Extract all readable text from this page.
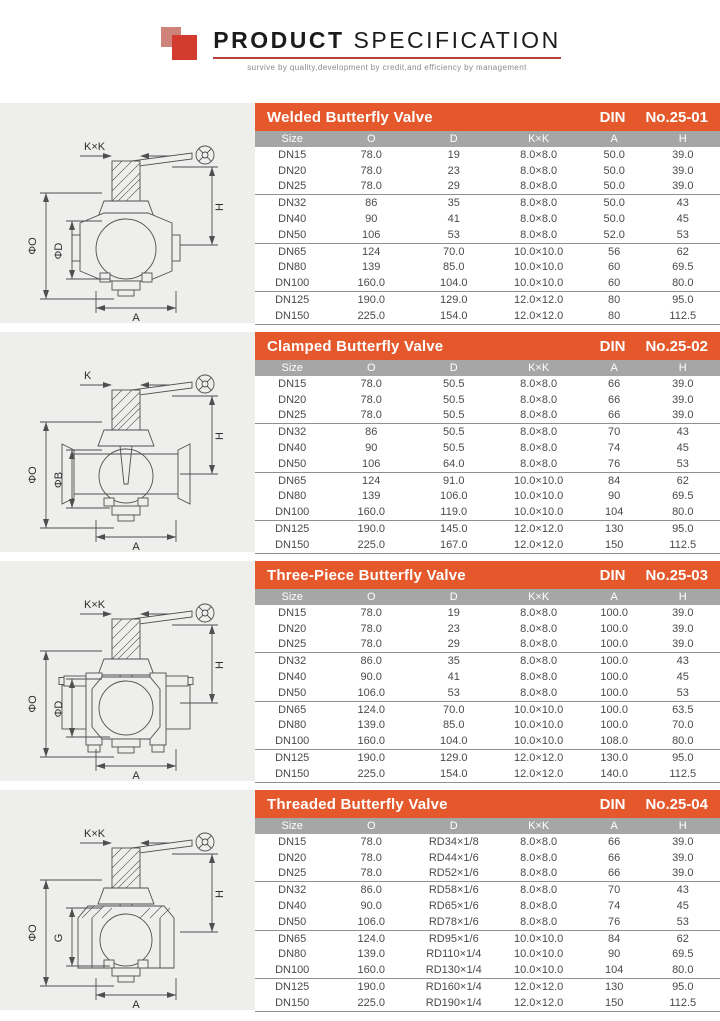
PRODUCT SPECIFICATION
survive by quality,development by credit,and efficiency by management
K×K
ΦO ΦD
H
A
Welded Butterfly Valve	DIN No.25-01
Size	O	D	K×K	A	H
DN15	78.0	19	8.0×8.0	50.0	39.0
DN20	78.0	23	8.0×8.0	50.0	39.0
DN25	78.0	29	8.0×8.0	50.0	39.0
DN32	86	35	8.0×8.0	50.0	43
DN40	90	41	8.0×8.0	50.0	45
DN50	106	53	8.0×8.0	52.0	53
DN65	124	70.0	10.0×10.0	56	62
DN80	139	85.0	10.0×10.0	60	69.5
DN100	160.0	104.0	10.0×10.0	60	80.0
DN125	190.0	129.0	12.0×12.0	80	95.0
DN150	225.0	154.0	12.0×12.0	80	112.5
K
ΦO ΦB
H
A
Clamped Butterfly Valve	DIN No.25-02
Size	O	D	K×K	A	H
DN15	78.0	50.5	8.0×8.0	66	39.0
DN20	78.0	50.5	8.0×8.0	66	39.0
DN25	78.0	50.5	8.0×8.0	66	39.0
DN32	86	50.5	8.0×8.0	70	43
DN40	90	50.5	8.0×8.0	74	45
DN50	106	64.0	8.0×8.0	76	53
DN65	124	91.0	10.0×10.0	84	62
DN80	139	106.0	10.0×10.0	90	69.5
DN100	160.0	119.0	10.0×10.0	104	80.0
DN125	190.0	145.0	12.0×12.0	130	95.0
DN150	225.0	167.0	12.0×12.0	150	112.5
K×K
ΦO ΦD
H
A
Three-Piece Butterfly Valve	DIN No.25-03
Size	O	D	K×K	A	H
DN15	78.0	19	8.0×8.0	100.0	39.0
DN20	78.0	23	8.0×8.0	100.0	39.0
DN25	78.0	29	8.0×8.0	100.0	39.0
DN32	86.0	35	8.0×8.0	100.0	43
DN40	90.0	41	8.0×8.0	100.0	45
DN50	106.0	53	8.0×8.0	100.0	53
DN65	124.0	70.0	10.0×10.0	100.0	63.5
DN80	139.0	85.0	10.0×10.0	100.0	70.0
DN100	160.0	104.0	10.0×10.0	108.0	80.0
DN125	190.0	129.0	12.0×12.0	130.0	95.0
DN150	225.0	154.0	12.0×12.0	140.0	112.5
K×K
ΦO G
H
A
Threaded Butterfly Valve	DIN No.25-04
Size	O	D	K×K	A	H
DN15	78.0	RD34×1/8	8.0×8.0	66	39.0
DN20	78.0	RD44×1/6	8.0×8.0	66	39.0
DN25	78.0	RD52×1/6	8.0×8.0	66	39.0
DN32	86.0	RD58×1/6	8.0×8.0	70	43
DN40	90.0	RD65×1/6	8.0×8.0	74	45
DN50	106.0	RD78×1/6	8.0×8.0	76	53
DN65	124.0	RD95×1/6	10.0×10.0	84	62
DN80	139.0	RD110×1/4	10.0×10.0	90	69.5
DN100	160.0	RD130×1/4	10.0×10.0	104	80.0
DN125	190.0	RD160×1/4	12.0×12.0	130	95.0
DN150	225.0	RD190×1/4	12.0×12.0	150	112.5
